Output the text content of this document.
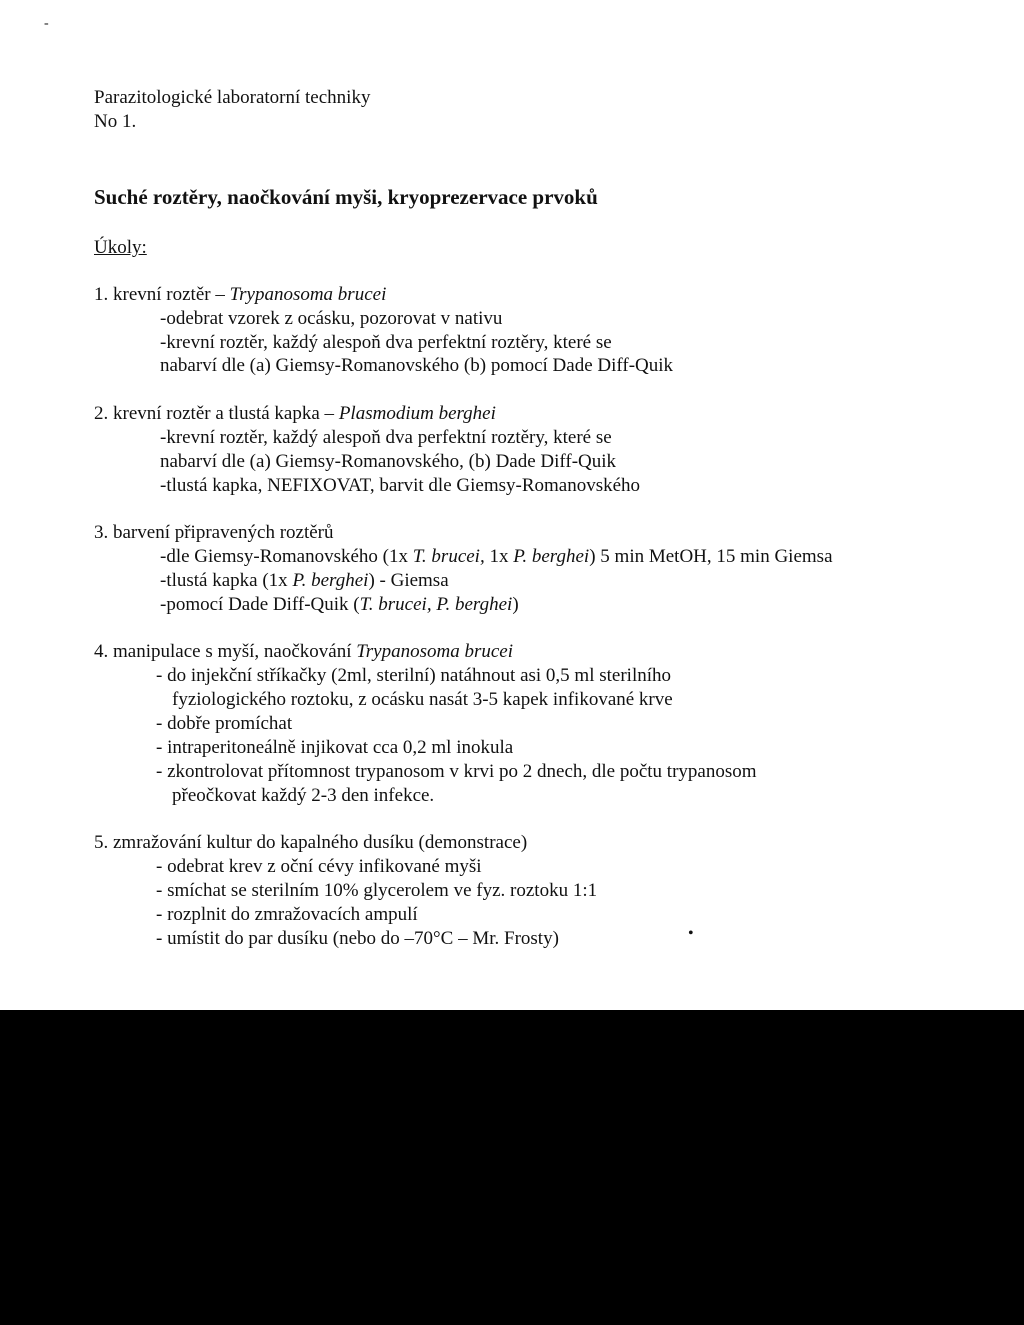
-
Parazitologické laboratorní techniky
No 1.
Suché roztěry, naočkování myši, kryoprezervace prvoků
Úkoly:
1. krevní roztěr – Trypanosoma brucei
-odebrat vzorek z ocásku, pozorovat v nativu
-krevní roztěr, každý alespoň dva perfektní roztěry, které se
nabarví dle (a) Giemsy-Romanovského (b) pomocí Dade Diff-Quik
2. krevní roztěr a tlustá kapka – Plasmodium berghei
-krevní roztěr, každý alespoň dva perfektní roztěry, které se
nabarví dle (a) Giemsy-Romanovského, (b) Dade Diff-Quik
-tlustá kapka, NEFIXOVAT, barvit dle Giemsy-Romanovského
3. barvení připravených roztěrů
-dle Giemsy-Romanovského (1x T. brucei, 1x P. berghei) 5 min MetOH, 15 min Giemsa
-tlustá kapka (1x P. berghei) - Giemsa
-pomocí Dade Diff-Quik (T. brucei, P. berghei)
4. manipulace s myší, naočkování Trypanosoma brucei
- do injekční stříkačky (2ml, sterilní) natáhnout asi 0,5 ml sterilního
fyziologického roztoku, z ocásku nasát 3-5 kapek infikované krve
- dobře promíchat
- intraperitoneálně injikovat cca 0,2 ml inokula
- zkontrolovat přítomnost trypanosom v krvi po 2 dnech, dle počtu trypanosom
přeočkovat každý 2-3 den infekce.
5. zmražování kultur do kapalného dusíku (demonstrace)
- odebrat krev z oční cévy infikované myši
- smíchat se sterilním 10% glycerolem ve fyz. roztoku 1:1
- rozplnit do zmražovacích ampulí
- umístit do par dusíku (nebo do –70°C – Mr. Frosty)	•
